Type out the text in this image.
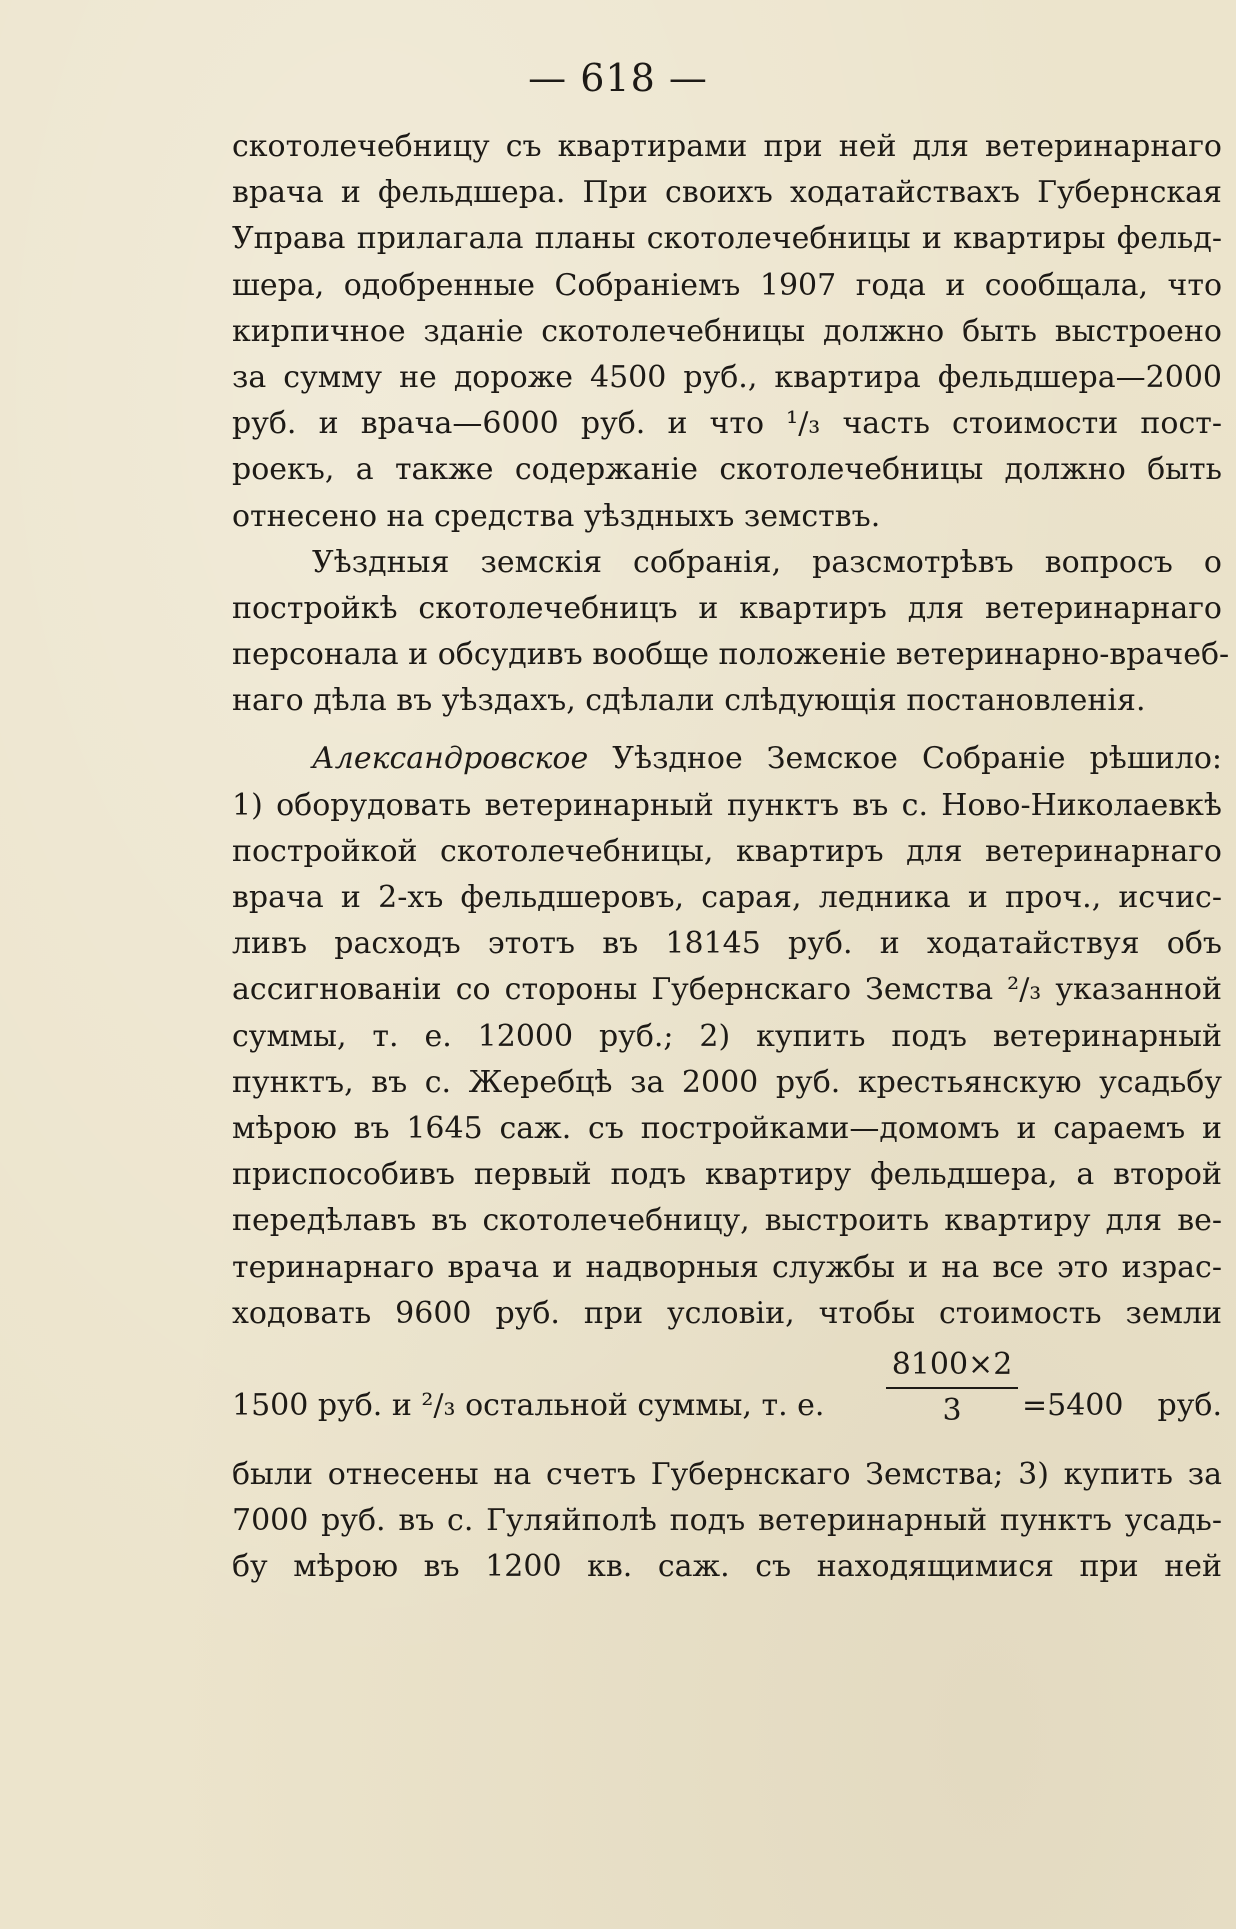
— 618 —
скотолечебницу съ квартирами при ней для ветеринарнаго
врача и фельдшера. При своихъ ходатайствахъ Губернская
Управа прилагала планы скотолечебницы и квартиры фельд-
шера, одобренные Собраніемъ 1907 года и сообщала, что
кирпичное зданіе скотолечебницы должно быть выстроено
за сумму не дороже 4500 руб., квартира фельдшера—2000
руб. и врача—6000 руб. и что ¹/₃ часть стоимости пост-
роекъ, а также содержаніе скотолечебницы должно быть
отнесено на средства уѣздныхъ земствъ.
Уѣздныя земскія собранія, разсмотрѣвъ вопросъ о
постройкѣ скотолечебницъ и квартиръ для ветеринарнаго
персонала и обсудивъ вообще положеніе ветеринарно-врачеб-
наго дѣла въ уѣздахъ, сдѣлали слѣдующія постановленія.
Александровское Уѣздное Земское Собраніе рѣшило:
1) оборудовать ветеринарный пунктъ въ с. Ново-Николаевкѣ
постройкой скотолечебницы, квартиръ для ветеринарнаго
врача и 2-хъ фельдшеровъ, сарая, ледника и проч., исчис-
ливъ расходъ этотъ въ 18145 руб. и ходатайствуя объ
ассигнованіи со стороны Губернскаго Земства ²/₃ указанной
суммы, т. е. 12000 руб.; 2) купить подъ ветеринарный
пунктъ, въ с. Жеребцѣ за 2000 руб. крестьянскую усадьбу
мѣрою въ 1645 саж. съ постройками—домомъ и сараемъ и
приспособивъ первый подъ квартиру фельдшера, а второй
передѣлавъ въ скотолечебницу, выстроить квартиру для ве-
теринарнаго врача и надворныя службы и на все это израс-
ходовать 9600 руб. при условіи, чтобы стоимость земли
1500 руб. и ²/₃ остальной суммы, т. е.
8100×2
3	=5400 руб.
были отнесены на счетъ Губернскаго Земства; 3) купить за
7000 руб. въ с. Гуляйполѣ подъ ветеринарный пунктъ усадь-
бу мѣрою въ 1200 кв. саж. съ находящимися при ней
